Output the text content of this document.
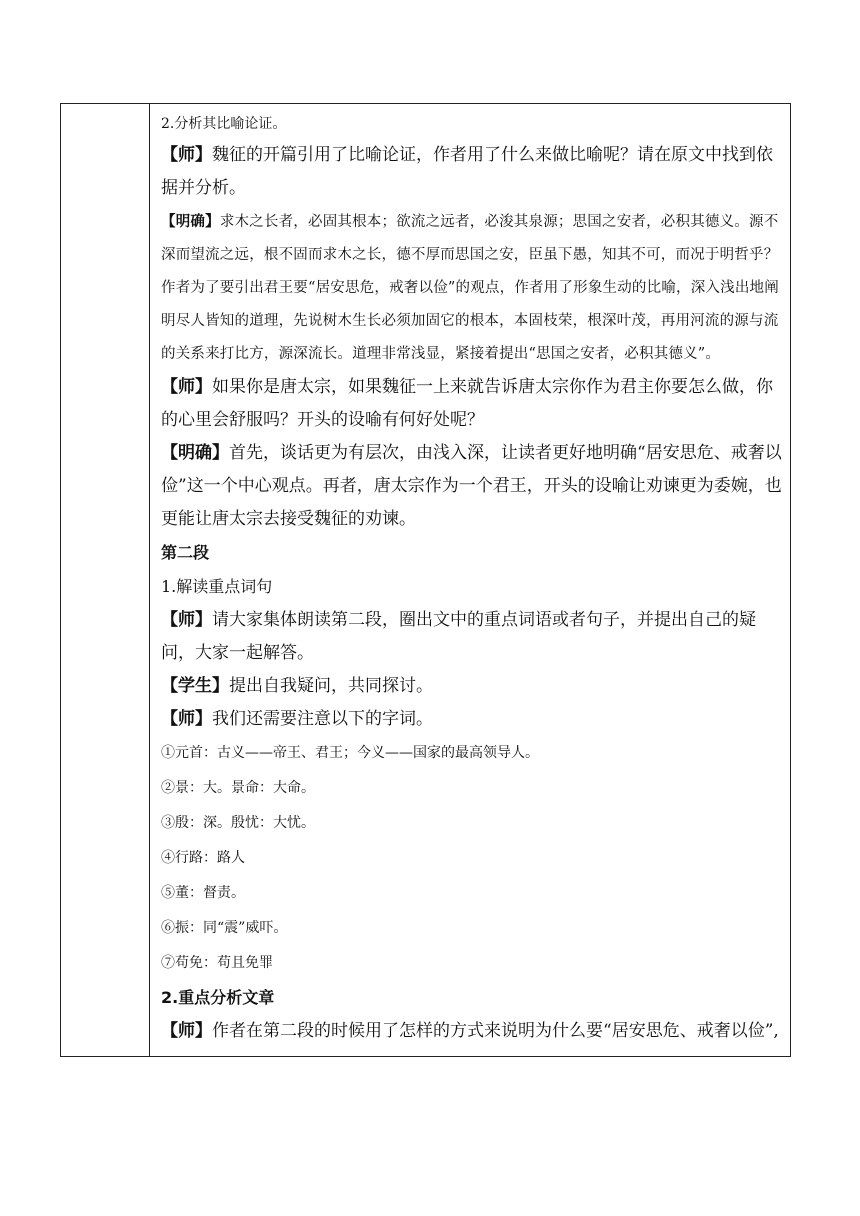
2.分析其比喻论证。

【师】魏征的开篇引用了比喻论证，作者用了什么来做比喻呢？请在原文中找到依据并分析。

【明确】求木之长者，必固其根本；欲流之远者，必浚其泉源；思国之安者，必积其德义。源不深而望流之远，根不固而求木之长，德不厚而思国之安，臣虽下愚，知其不可，而况于明哲乎？作者为了要引出君王要“居安思危，戒奢以俭”的观点，作者用了形象生动的比喻，深入浅出地阐明尽人皆知的道理，先说树木生长必须加固它的根本，本固枝荣，根深叶茂，再用河流的源与流的关系来打比方，源深流长。道理非常浅显，紧接着提出“思国之安者，必积其德义”。

【师】如果你是唐太宗，如果魏征一上来就告诉唐太宗你作为君主你要怎么做，你的心里会舒服吗？开头的设喻有何好处呢？

【明确】首先，谈话更为有层次，由浅入深，让读者更好地明确“居安思危、戒奢以俭”这一个中心观点。再者，唐太宗作为一个君王，开头的设喻让劝谏更为委婉，也更能让唐太宗去接受魏征的劝谏。

第二段

1.解读重点词句

【师】请大家集体朗读第二段，圈出文中的重点词语或者句子，并提出自己的疑问，大家一起解答。

【学生】提出自我疑问，共同探讨。

【师】我们还需要注意以下的字词。

①元首：古义——帝王、君王；今义——国家的最高领导人。

②景：大。景命：大命。

③殷：深。殷忧：大忧。

④行路：路人

⑤董：督责。

⑥振：同“震”威吓。

⑦苟免：苟且免罪

2.重点分析文章

【师】作者在第二段的时候用了怎样的方式来说明为什么要“居安思危、戒奢以俭”,
